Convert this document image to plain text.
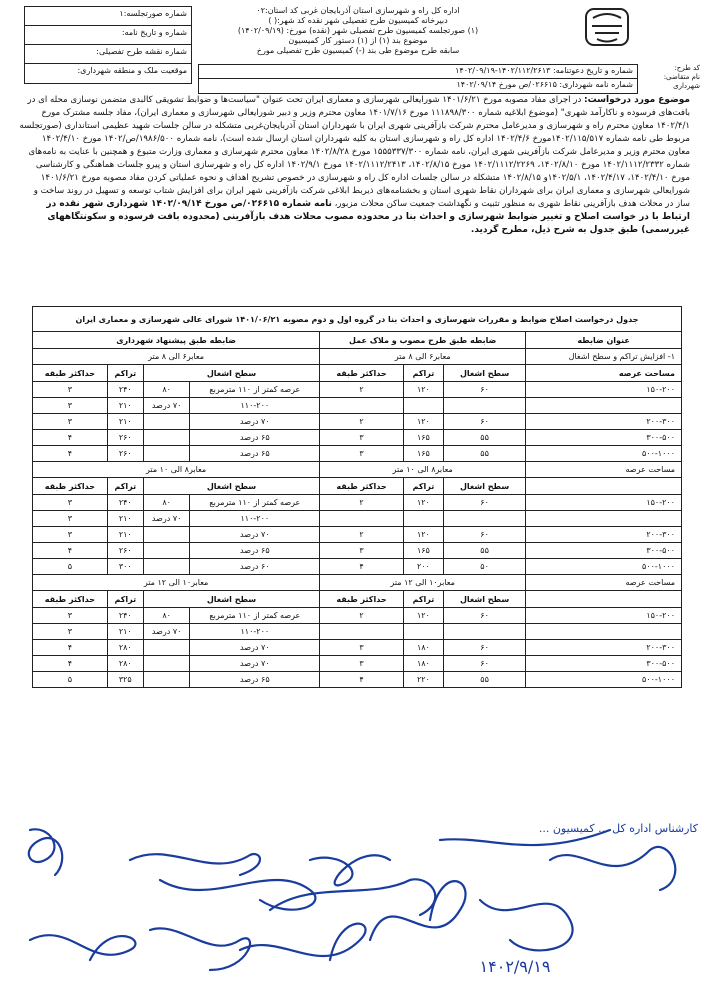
شماره صورتجلسه:۱
شماره و تاریخ نامه:
شماره نقشه طرح تفصیلی:
موقعیت ملک و منطقه شهرداری:
اداره کل راه و شهرسازی استان آذربایجان غربی کد استان:۰۲
دبیرخانه کمیسیون طرح تفصیلی شهر نقده کد شهر:( )
(۱) صورتجلسه کمیسیون طرح تفصیلی شهر (نقده) مورخ: (۱۴۰۲/۰۹/۱۹)
موضوع بند (۱) از (۱) دستور کار کمیسیون
سابقه طرح موضوع طی بند (-) کمیسیون طرح تفصیلی مورخ
شماره و تاریخ دعوتنامه: ۱۴۰۲/۱۱۲/۲۶۱۳-۱۴۰۲/۰۹/۱۹
شماره نامه شهرداری: ۰۲۶۶۱۵/ص مورخ ۱۴۰۲/۰۹/۱۴
کد طرح:
نام متقاضی: شهرداری
موضوع مورد درخواست: در اجرای مفاد مصوبه مورخ ۱۴۰۱/۶/۲۱ شورایعالی شهرسازی و معماری ایران تحت عنوان "سیاست‌ها و ضوابط تشویقی کالبدی متضمن نوسازی محله ای در بافت‌های فرسوده و ناکارآمد شهری" (موضوع ابلاغیه شماره ۱۱۱۸۹۸/۳۰۰ مورخ ۱۴۰۱/۷/۱۶ معاون محترم وزیر و دبیر شورایعالی شهرسازی و معماری ایران)، مفاد جلسه مشترک مورخ ۱۴۰۲/۴/۱ معاون محترم راه و شهرسازی و مدیرعامل محترم شرکت بازآفرینی شهری ایران با شهرداران استان آذربایجان‌غربی متشکله در سالن جلسات شهید عظیمی استانداری (صورتجلسه مربوط طی نامه شماره ۱۴۰۲/۱۱۵/۵۱۷مورخ ۱۴۰۲/۴/۶ اداره کل راه و شهرسازی استان به کلیه شهرداران استان ارسال شده است)، نامه شماره ۱۹۸۶/۵۰۰/ص/۱۴۰۲ مورخ ۱۴۰۲/۴/۱۰ معاون محترم وزیر و مدیرعامل شرکت بازآفرینی شهری ایران، نامه شماره ۱۵۵۵۳۳۷/۳۰۰ مورخ ۱۴۰۲/۸/۲۸ معاون محترم شهرسازی و معماری وزارت متبوع و همچنین با عنایت به نامه‌های شماره ۱۴۰۲/۱۱۱۲/۲۳۳۲ مورخ ۱۴۰۲/۸/۱۰، ۱۴۰۲/۱۱۱۲/۲۲۶۹ مورخ ۱۴۰۲/۸/۱۵، ۱۴۰۲/۱۱۱۲/۲۴۱۳ مورخ ۱۴۰۲/۹/۱ اداره کل راه و شهرسازی استان و پیرو جلسات هماهنگی و کارشناسی مورخ ۱۴۰۲/۴/۱۰، ۱۴۰۲/۴/۱۷، ۱۴۰۲/۵/۱و ۱۴۰۲/۸/۱۵ متشکله در سالن جلسات اداره کل راه و شهرسازی در خصوص تشریح اهداف و نحوه عملیاتی کردن مفاد مصوبه مورخ ۱۴۰۱/۶/۲۱ شورایعالی شهرسازی و معماری ایران برای شهرداران نقاط شهری استان و بخشنامه‌های ذیربط ابلاغی شرکت بازآفرینی شهر ایران برای افزایش شتاب توسعه و تسهیل در روند ساخت و ساز در محلات هدف بازآفرینی نقاط شهری به منظور تثبیت و نگهداشت جمعیت ساکن محلات مزبور، نامه شماره ۰۲۶۶۱۵/ص مورخ ۱۴۰۲/۰۹/۱۴ شهرداری شهر نقده در ارتباط با در خواست اصلاح و تغییر ضوابط شهرسازی و احداث بنا در محدوده مصوب محلات هدف بازآفرینی (محدوده بافت فرسوده و سکونتگاههای غیررسمی) طبق جدول به شرح ذیل، مطرح گردید.
جدول درخواست اصلاح ضوابط و مقررات شهرسازی و احداث بنا در گروه اول و دوم مصوبه ۱۴۰۱/۰۶/۲۱ شورای عالی شهرسازی و معماری ایران							
عنوان ضابطه	ضابطه طبق طرح مصوب و ملاک عمل			ضابطه طبق پیشنهاد شهرداری			
۱- افزایش تراکم و سطح اشغال	معابر۶ الی ۸ متر			معابر۶ الی ۸ متر			
مساحت عرصه	سطح اشغال	تراکم	حداکثر طبقه	سطح اشغال		تراکم	حداکثر طبقه
۱۵۰-۲۰۰	۶۰	۱۲۰	۲	عرصه کمتر از ۱۱۰ مترمربع	۸۰	۲۴۰	۳
				۱۱۰-۲۰۰	۷۰ درصد	۲۱۰	۳
۲۰۰-۳۰۰	۶۰	۱۲۰	۲	۷۰ درصد		۲۱۰	۳
۳۰۰-۵۰۰	۵۵	۱۶۵	۳	۶۵ درصد		۲۶۰	۴
۵۰۰-۱۰۰۰	۵۵	۱۶۵	۳	۶۵ درصد		۲۶۰	۴
مساحت عرصه	معابر۸ الی ۱۰ متر			معابر۸ الی ۱۰ متر			
	سطح اشغال	تراکم	حداکثر طبقه	سطح اشغال		تراکم	حداکثر طبقه
۱۵۰-۲۰۰	۶۰	۱۲۰	۲	عرصه کمتر از ۱۱۰ مترمربع	۸۰	۲۴۰	۳
				۱۱۰-۲۰۰	۷۰ درصد	۲۱۰	۳
۲۰۰-۳۰۰	۶۰	۱۲۰	۲	۷۰ درصد		۲۱۰	۳
۳۰۰-۵۰۰	۵۵	۱۶۵	۳	۶۵ درصد		۲۶۰	۴
۵۰۰-۱۰۰۰	۵۰	۲۰۰	۴	۶۰ درصد		۳۰۰	۵
مساحت عرصه	معابر۱۰ الی ۱۲ متر			معابر۱۰ الی ۱۲ متر			
	سطح اشغال	تراکم	حداکثر طبقه	سطح اشغال		تراکم	حداکثر طبقه
۱۵۰-۲۰۰	۶۰	۱۲۰	۲	عرصه کمتر از ۱۱۰ مترمربع	۸۰	۲۴۰	۳
				۱۱۰-۲۰۰	۷۰ درصد	۲۱۰	۳
۲۰۰-۳۰۰	۶۰	۱۸۰	۳	۷۰ درصد		۲۸۰	۴
۳۰۰-۵۰۰	۶۰	۱۸۰	۳	۷۰ درصد		۲۸۰	۴
۵۰۰-۱۰۰۰	۵۵	۲۲۰	۴	۶۵ درصد		۳۲۵	۵
کارشناس اداره کل ... کمیسیون ...
۱۴۰۲/۹/۱۹
